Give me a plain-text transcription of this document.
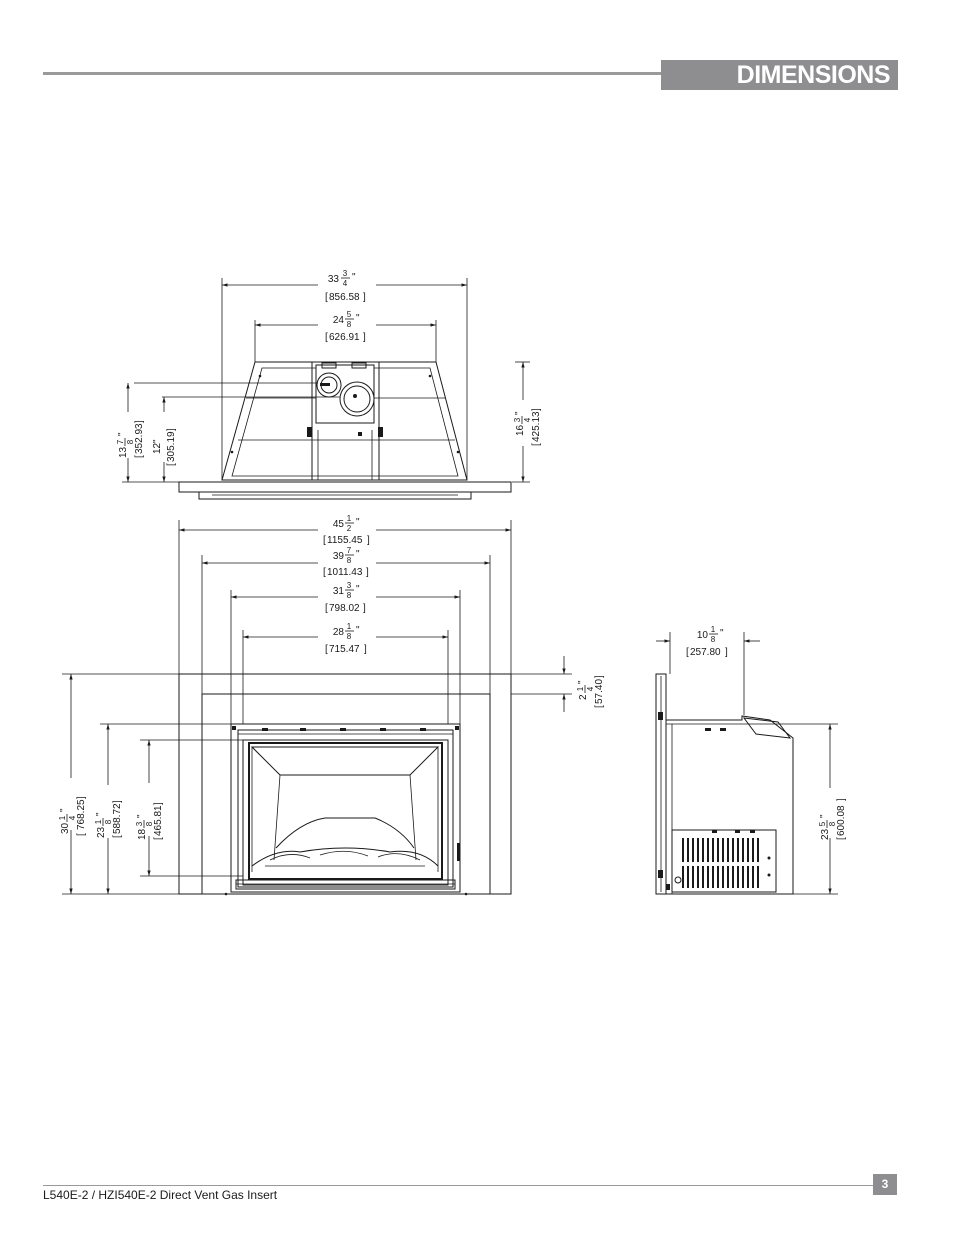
DIMENSIONS
33
3
4
"
[ 856.58 ]
24
5
8
"
[ 626.91 ]
13
7 8
"
[
352.93
]
12
"
[
305.19
]	16
3 4
"
[
425.13
]
45
1
2
"
[ 1155.45 ]
39
7
8
"
[ 1011.43 ]
31
3
8
"
[ 798.02 ]
28
1
8
"
[ 715.47 ]
2
1 4
"
[
57.40
]
30
1 4
"
[
768.25
]
23
1 8
"
[
588.72
]
18
3 8
"
[
465.81
]
10
1
8
"
[ 257.80 ]
23
5 8
"
[
600.08
]
L540E-2 / HZI540E-2 Direct Vent Gas Insert
3
